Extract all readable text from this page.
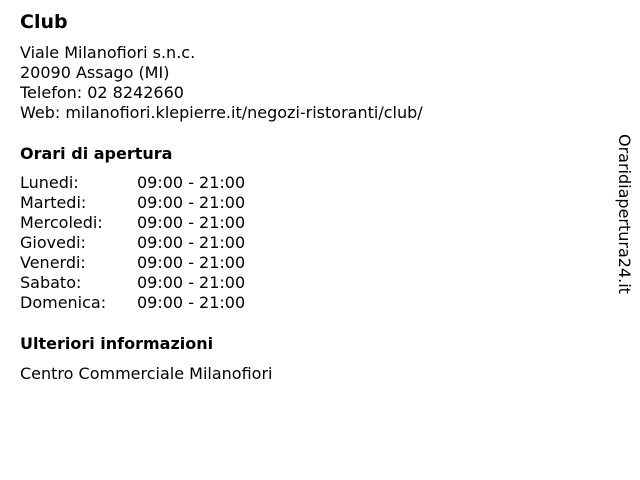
Club
Viale Milanofiori s.n.c.
20090 Assago (MI)
Telefon: 02 8242660
Web: milanofiori.klepierre.it/negozi-ristoranti/club/
Orari di apertura
Lunedi:	09:00 - 21:00
Martedi:	09:00 - 21:00
Mercoledi: 09:00 - 21:00
Giovedi:	09:00 - 21:00
Venerdi:	09:00 - 21:00
Sabato:	09:00 - 21:00
Domenica: 09:00 - 21:00
Ulteriori informazioni
Centro Commerciale Milanofiori
Oraridiapertura24.it
